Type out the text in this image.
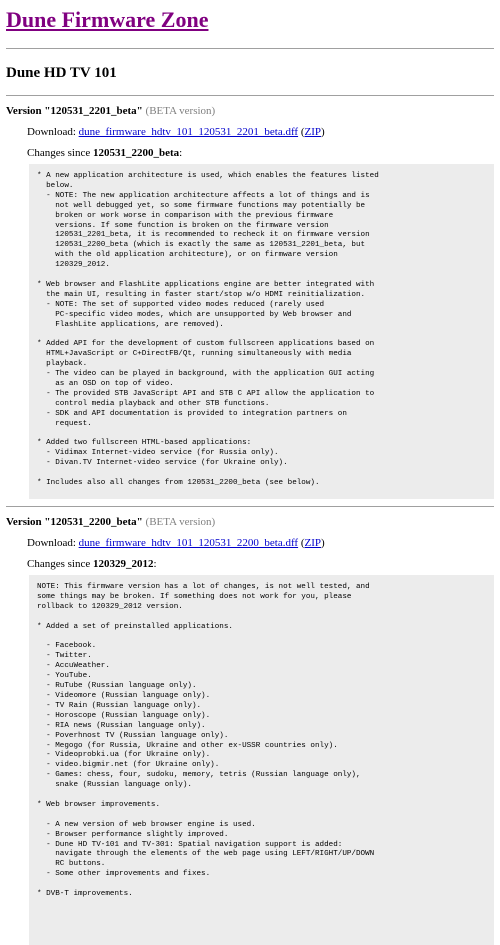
Dune Firmware Zone
Dune HD TV 101
Version "120531_2201_beta" (BETA version)
Download: dune_firmware_hdtv_101_120531_2201_beta.dff (ZIP)
Changes since 120531_2200_beta:
* A new application architecture is used, which enables the features listed
below.
- NOTE: The new application architecture affects a lot of things and is
not well debugged yet, so some firmware functions may potentially be
broken or work worse in comparison with the previous firmware
versions. If some function is broken on the firmware version
120531_2201_beta, it is recommended to recheck it on firmware version
120531_2200_beta (which is exactly the same as 120531_2201_beta, but
with the old application architecture), or on firmware version
120329_2012.

* Web browser and FlashLite applications engine are better integrated with
the main UI, resulting in faster start/stop w/o HDMI reinitialization.
- NOTE: The set of supported video modes reduced (rarely used
PC-specific video modes, which are unsupported by Web browser and
FlashLite applications, are removed).

* Added API for the development of custom fullscreen applications based on
HTML+JavaScript or C+DirectFB/Qt, running simultaneously with media
playback.
- The video can be played in background, with the application GUI acting
as an OSD on top of video.
- The provided STB JavaScript API and STB C API allow the application to
control media playback and other STB functions.
- SDK and API documentation is provided to integration partners on
request.

* Added two fullscreen HTML-based applications:
- Vidimax Internet-video service (for Russia only).
- Divan.TV Internet-video service (for Ukraine only).

* Includes also all changes from 120531_2200_beta (see below).
Version "120531_2200_beta" (BETA version)
Download: dune_firmware_hdtv_101_120531_2200_beta.dff (ZIP)
Changes since 120329_2012:
NOTE: This firmware version has a lot of changes, is not well tested, and
some things may be broken. If something does not work for you, please
rollback to 120329_2012 version.

* Added a set of preinstalled applications.

- Facebook.
- Twitter.
- AccuWeather.
- YouTube.
- RuTube (Russian language only).
- Videomore (Russian language only).
- TV Rain (Russian language only).
- Horoscope (Russian language only).
- RIA news (Russian language only).
- Poverhnost TV (Russian language only).
- Megogo (for Russia, Ukraine and other ex-USSR countries only).
- Videoprobki.ua (for Ukraine only).
- video.bigmir.net (for Ukraine only).
- Games: chess, four, sudoku, memory, tetris (Russian language only),
snake (Russian language only).

* Web browser improvements.

- A new version of web browser engine is used.
- Browser performance slightly improved.
- Dune HD TV-101 and TV-301: Spatial navigation support is added:
navigate through the elements of the web page using LEFT/RIGHT/UP/DOWN
RC buttons.
- Some other improvements and fixes.

* DVB-T improvements.
